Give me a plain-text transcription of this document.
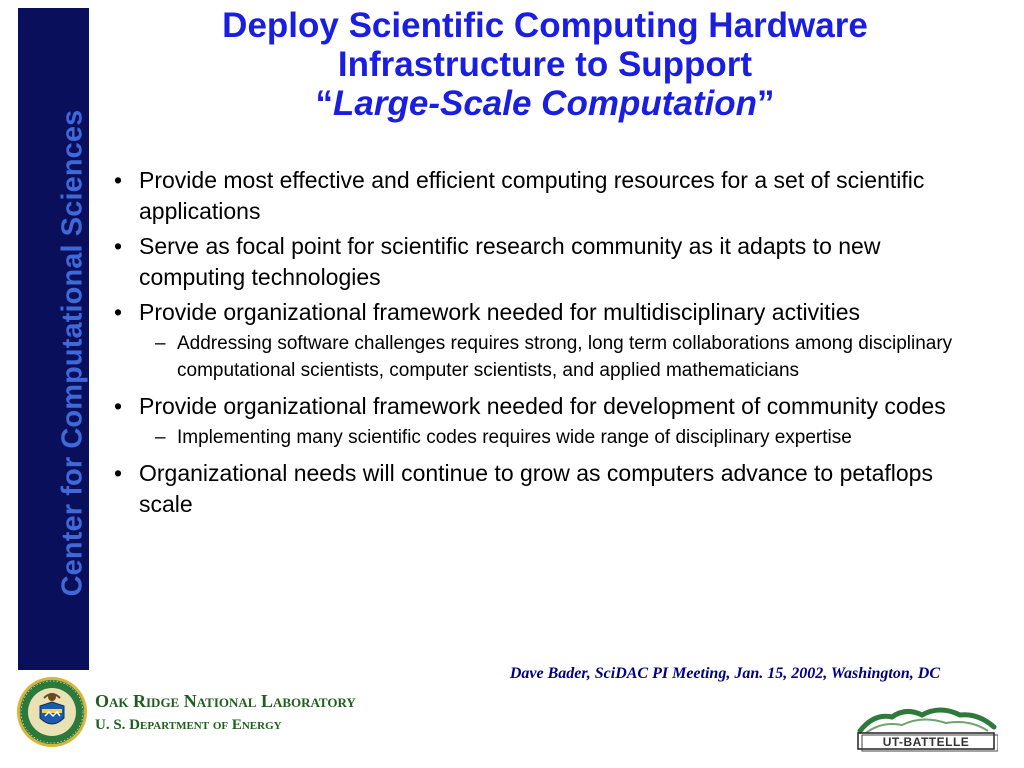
Center for Computational Sciences
Deploy Scientific Computing Hardware
Infrastructure to Support
“Large-Scale Computation”
• Provide most effective and efficient computing resources for a set of scientific applications
• Serve as focal point for scientific research community as it adapts to new computing technologies
• Provide organizational framework needed for multidisciplinary activities
– Addressing software challenges requires strong, long term collaborations among disciplinary computational scientists, computer scientists, and applied mathematicians
• Provide organizational framework needed for development of community codes
– Implementing many scientific codes requires wide range of disciplinary expertise
• Organizational needs will continue to grow as computers advance to petaflops scale
Dave Bader, SciDAC PI Meeting, Jan. 15, 2002, Washington, DC
Oak Ridge National Laboratory
U. S. Department of Energy
UT-BATTELLE
